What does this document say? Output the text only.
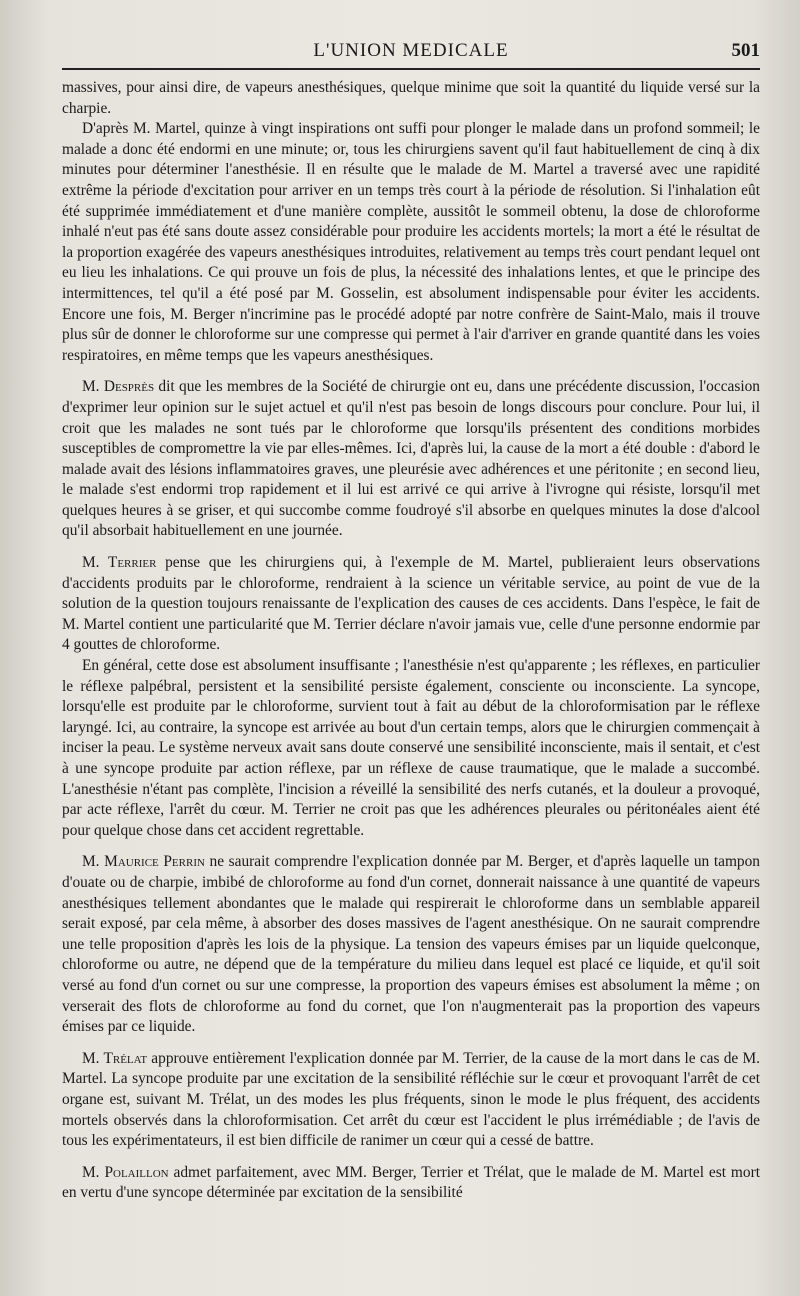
L'UNION MEDICALE	501

massives, pour ainsi dire, de vapeurs anesthésiques, quelque minime que soit la quantité du liquide versé sur la charpie.

D'après M. Martel, quinze à vingt inspirations ont suffi pour plonger le malade dans un profond sommeil; le malade a donc été endormi en une minute; or, tous les chirurgiens savent qu'il faut habituellement de cinq à dix minutes pour déterminer l'anesthésie. Il en résulte que le malade de M. Martel a traversé avec une rapidité extrême la période d'excitation pour arriver en un temps très court à la période de résolution. Si l'inhalation eût été supprimée immédiatement et d'une manière complète, aussitôt le sommeil obtenu, la dose de chloroforme inhalé n'eut pas été sans doute assez considérable pour produire les accidents mortels; la mort a été le résultat de la proportion exagérée des vapeurs anesthésiques introduites, relativement au temps très court pendant lequel ont eu lieu les inhalations. Ce qui prouve un fois de plus, la nécessité des inhalations lentes, et que le principe des intermittences, tel qu'il a été posé par M. Gosselin, est absolument indispensable pour éviter les accidents. Encore une fois, M. Berger n'incrimine pas le procédé adopté par notre confrère de Saint-Malo, mais il trouve plus sûr de donner le chloroforme sur une compresse qui permet à l'air d'arriver en grande quantité dans les voies respiratoires, en même temps que les vapeurs anesthésiques.

M. Desprès dit que les membres de la Société de chirurgie ont eu, dans une précédente discussion, l'occasion d'exprimer leur opinion sur le sujet actuel et qu'il n'est pas besoin de longs discours pour conclure. Pour lui, il croit que les malades ne sont tués par le chloroforme que lorsqu'ils présentent des conditions morbides susceptibles de compromettre la vie par elles-mêmes. Ici, d'après lui, la cause de la mort a été double : d'abord le malade avait des lésions inflammatoires graves, une pleurésie avec adhérences et une péritonite ; en second lieu, le malade s'est endormi trop rapidement et il lui est arrivé ce qui arrive à l'ivrogne qui résiste, lorsqu'il met quelques heures à se griser, et qui succombe comme foudroyé s'il absorbe en quelques minutes la dose d'alcool qu'il absorbait habituellement en une journée.

M. Terrier pense que les chirurgiens qui, à l'exemple de M. Martel, publieraient leurs observations d'accidents produits par le chloroforme, rendraient à la science un véritable service, au point de vue de la solution de la question toujours renaissante de l'explication des causes de ces accidents. Dans l'espèce, le fait de M. Martel contient une particularité que M. Terrier déclare n'avoir jamais vue, celle d'une personne endormie par 4 gouttes de chloroforme.

En général, cette dose est absolument insuffisante ; l'anesthésie n'est qu'apparente ; les réflexes, en particulier le réflexe palpébral, persistent et la sensibilité persiste également, consciente ou inconsciente. La syncope, lorsqu'elle est produite par le chloroforme, survient tout à fait au début de la chloroformisation par le réflexe laryngé. Ici, au contraire, la syncope est arrivée au bout d'un certain temps, alors que le chirurgien commençait à inciser la peau. Le système nerveux avait sans doute conservé une sensibilité inconsciente, mais il sentait, et c'est à une syncope produite par action réflexe, par un réflexe de cause traumatique, que le malade a succombé. L'anesthésie n'étant pas complète, l'incision a réveillé la sensibilité des nerfs cutanés, et la douleur a provoqué, par acte réflexe, l'arrêt du cœur. M. Terrier ne croit pas que les adhérences pleurales ou péritonéales aient été pour quelque chose dans cet accident regrettable.

M. Maurice Perrin ne saurait comprendre l'explication donnée par M. Berger, et d'après laquelle un tampon d'ouate ou de charpie, imbibé de chloroforme au fond d'un cornet, donnerait naissance à une quantité de vapeurs anesthésiques tellement abondantes que le malade qui respirerait le chloroforme dans un semblable appareil serait exposé, par cela même, à absorber des doses massives de l'agent anesthésique. On ne saurait comprendre une telle proposition d'après les lois de la physique. La tension des vapeurs émises par un liquide quelconque, chloroforme ou autre, ne dépend que de la température du milieu dans lequel est placé ce liquide, et qu'il soit versé au fond d'un cornet ou sur une compresse, la proportion des vapeurs émises est absolument la même ; on verserait des flots de chloroforme au fond du cornet, que l'on n'augmenterait pas la proportion des vapeurs émises par ce liquide.

M. Trélat approuve entièrement l'explication donnée par M. Terrier, de la cause de la mort dans le cas de M. Martel. La syncope produite par une excitation de la sensibilité réfléchie sur le cœur et provoquant l'arrêt de cet organe est, suivant M. Trélat, un des modes les plus fréquents, sinon le mode le plus fréquent, des accidents mortels observés dans la chloroformisation. Cet arrêt du cœur est l'accident le plus irrémédiable ; de l'avis de tous les expérimentateurs, il est bien difficile de ranimer un cœur qui a cessé de battre.

M. Polaillon admet parfaitement, avec MM. Berger, Terrier et Trélat, que le malade de M. Martel est mort en vertu d'une syncope déterminée par excitation de la sensibilité
